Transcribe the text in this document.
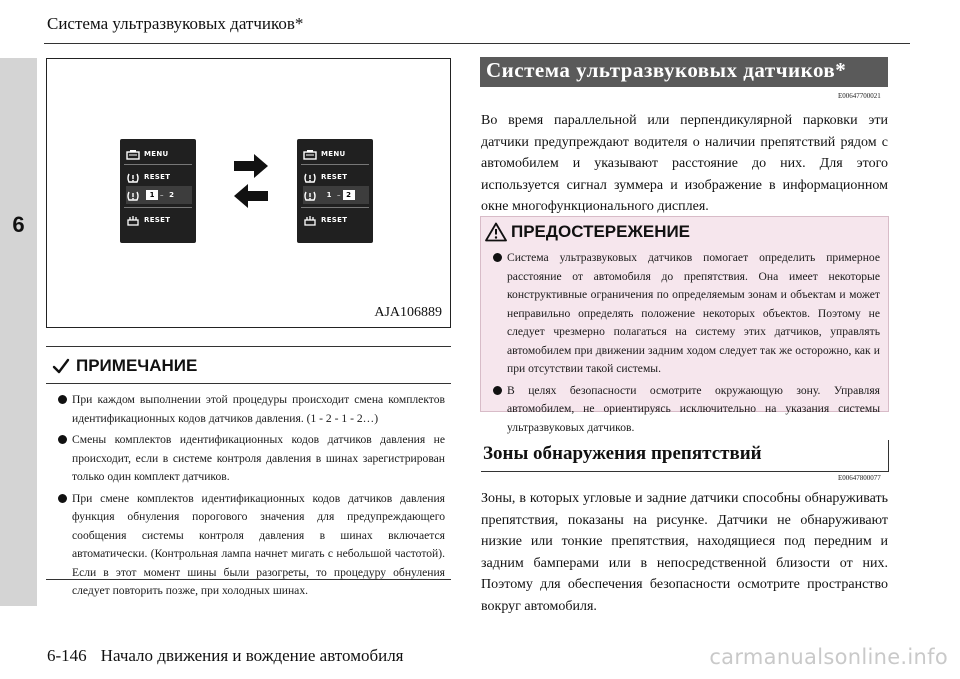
6
Система ультразвуковых датчиков*
MENU
RESET
1 – 2
RESET
MENU
RESET
1 – 2
RESET
AJA106889
ПРИМЕЧАНИЕ
При каждом выполнении этой процедуры происходит смена комплектов идентификационных кодов датчиков давления. (1 - 2 - 1 - 2…)
Смены комплектов идентификационных кодов датчиков давления не происходит, если в системе контроля давления в шинах зарегистрирован только один комплект датчиков.
При смене комплектов идентификационных кодов датчиков давления функция обнуления порогового значения для предупреждающего сообщения системы контроля давления в шинах включается автоматически. (Контрольная лампа начнет мигать с небольшой частотой). Если в этот момент шины были разогреты, то процедуру обнуления следует повторить позже, при холодных шинах.
Система ультразвуковых датчиков*
E00647700021
Во время параллельной или перпендикулярной парковки эти датчики предупреждают водителя о наличии препятствий рядом с автомобилем и указывают расстояние до них. Для этого используется сигнал зуммера и изображение в информационном окне многофункционального дисплея.
ПРЕДОСТЕРЕЖЕНИЕ
Система ультразвуковых датчиков помогает определить примерное расстояние от автомобиля до препятствия. Она имеет некоторые конструктивные ограничения по определяемым зонам и объектам и может неправильно определять положение некоторых объектов. Поэтому не следует чрезмерно полагаться на систему этих датчиков, управлять автомобилем при движении задним ходом следует так же осторожно, как и при отсутствии такой системы.
В целях безопасности осмотрите окружающую зону. Управляя автомобилем, не ориентируясь исключительно на указания системы ультразвуковых датчиков.
Зоны обнаружения препятствий
E00647800077
Зоны, в которых угловые и задние датчики способны обнаруживать препятствия, показаны на рисунке. Датчики не обнаруживают низкие или тонкие препятствия, находящиеся под передним и задним бамперами или в непосредственной близости от них. Поэтому для обеспечения безопасности осмотрите пространство вокруг автомобиля.
6-146 Начало движения и вождение автомобиля	carmanualsonline.info
